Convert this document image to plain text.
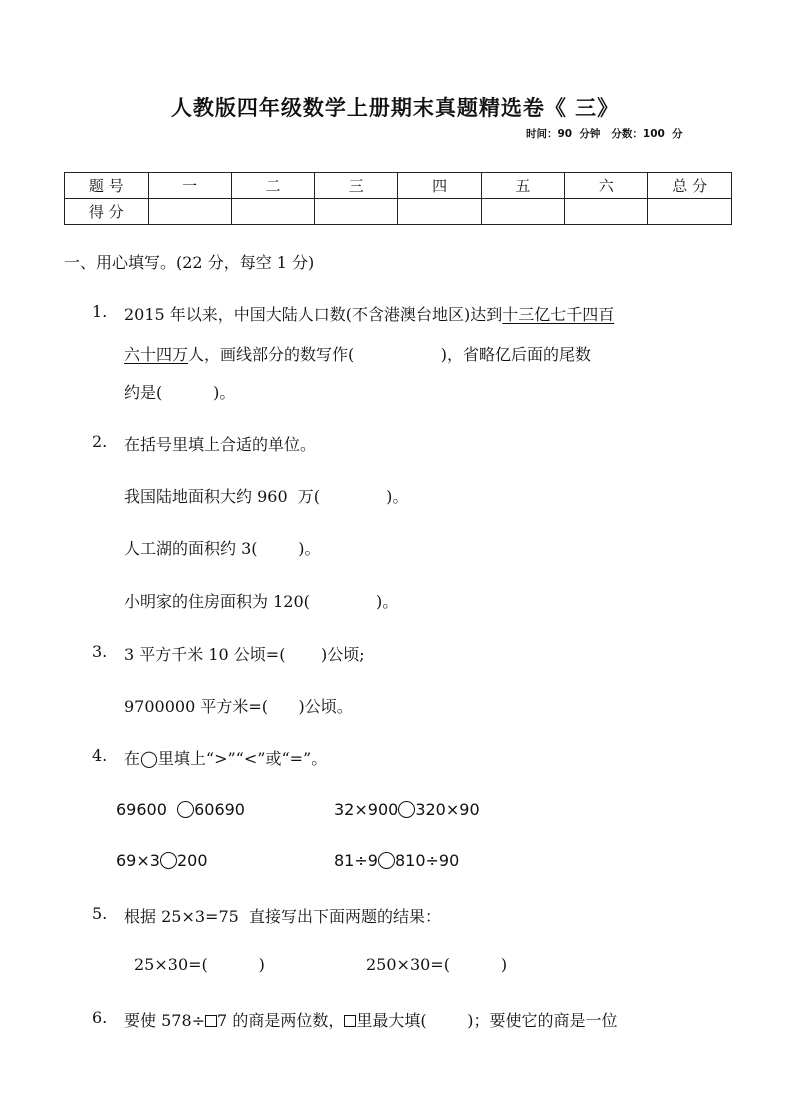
人教版四年级数学上册期末真题精选卷《 三》
时间：90  分钟   分数：100  分
题 号	一	二	三	四	五	六	总 分
得 分							
一、用心填写。(22 分，每空 1 分)
1. 2015 年以来，中国大陆人口数(不含港澳台地区)达到十三亿七千四百
六十四万人，画线部分的数写作(                 )，省略亿后面的尾数
约是(          )。
2. 在括号里填上合适的单位。
我国陆地面积大约 960  万(             )。
人工湖的面积约 3(        )。
小明家的住房面积为 120(             )。
3. 3 平方千米 10 公顷=(       )公顷;
9700000 平方米=(      )公顷。
4. 在◯里填上“>”“<”或“=”。
69600  60690	32×900 320×90
69×3 200	81÷9 810÷90
5. 根据 25×3=75  直接写出下面两题的结果：
25×30=(          )	250×30=(          )
6. 要使 578÷ 7 的商是两位数， 里最大填(        )；要使它的商是一位
